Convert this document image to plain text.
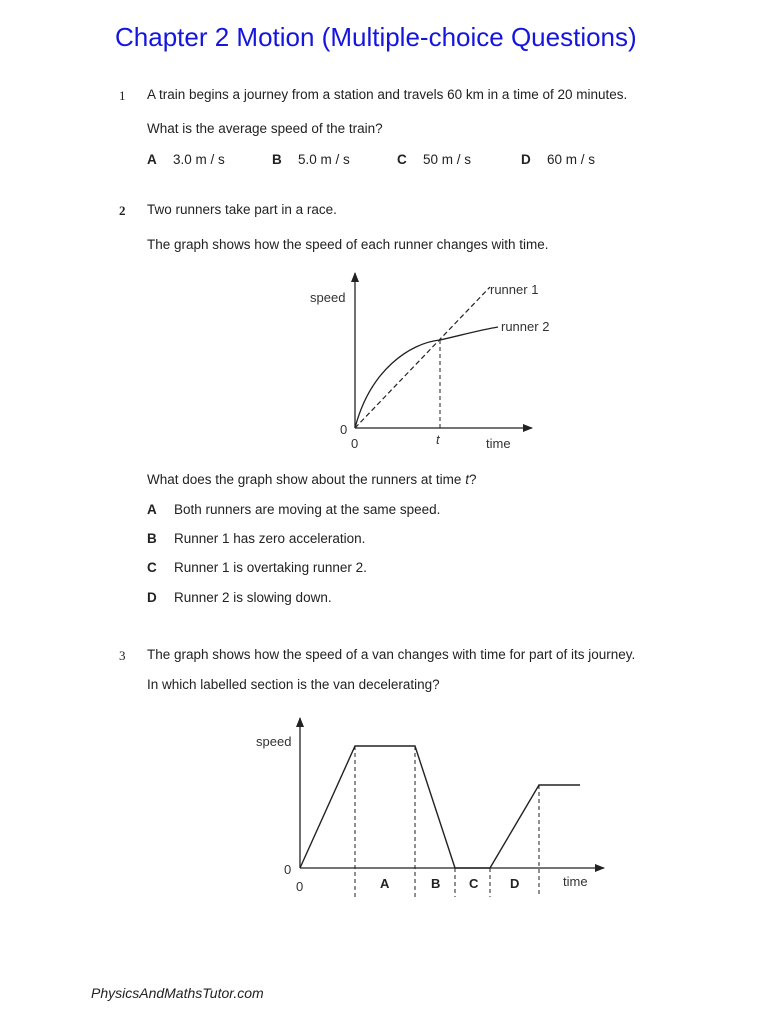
Chapter 2 Motion (Multiple-choice Questions)
1 A train begins a journey from a station and travels 60 km in a time of 20 minutes.
What is the average speed of the train?
A 3.0 m / s	B 5.0 m / s	C 50 m / s	D 60 m / s
2 Two runners take part in a race.
The graph shows how the speed of each runner changes with time.
What does the graph show about the runners at time t?
A Both runners are moving at the same speed.
B Runner 1 has zero acceleration.
C Runner 1 is overtaking runner 2.
D Runner 2 is slowing down.
3 The graph shows how the speed of a van changes with time for part of its journey.
In which labelled section is the van decelerating?
speed
time
0
0	t
runner 1
runner 2
speed
time
0
0	A	B C D
PhysicsAndMathsTutor.com
